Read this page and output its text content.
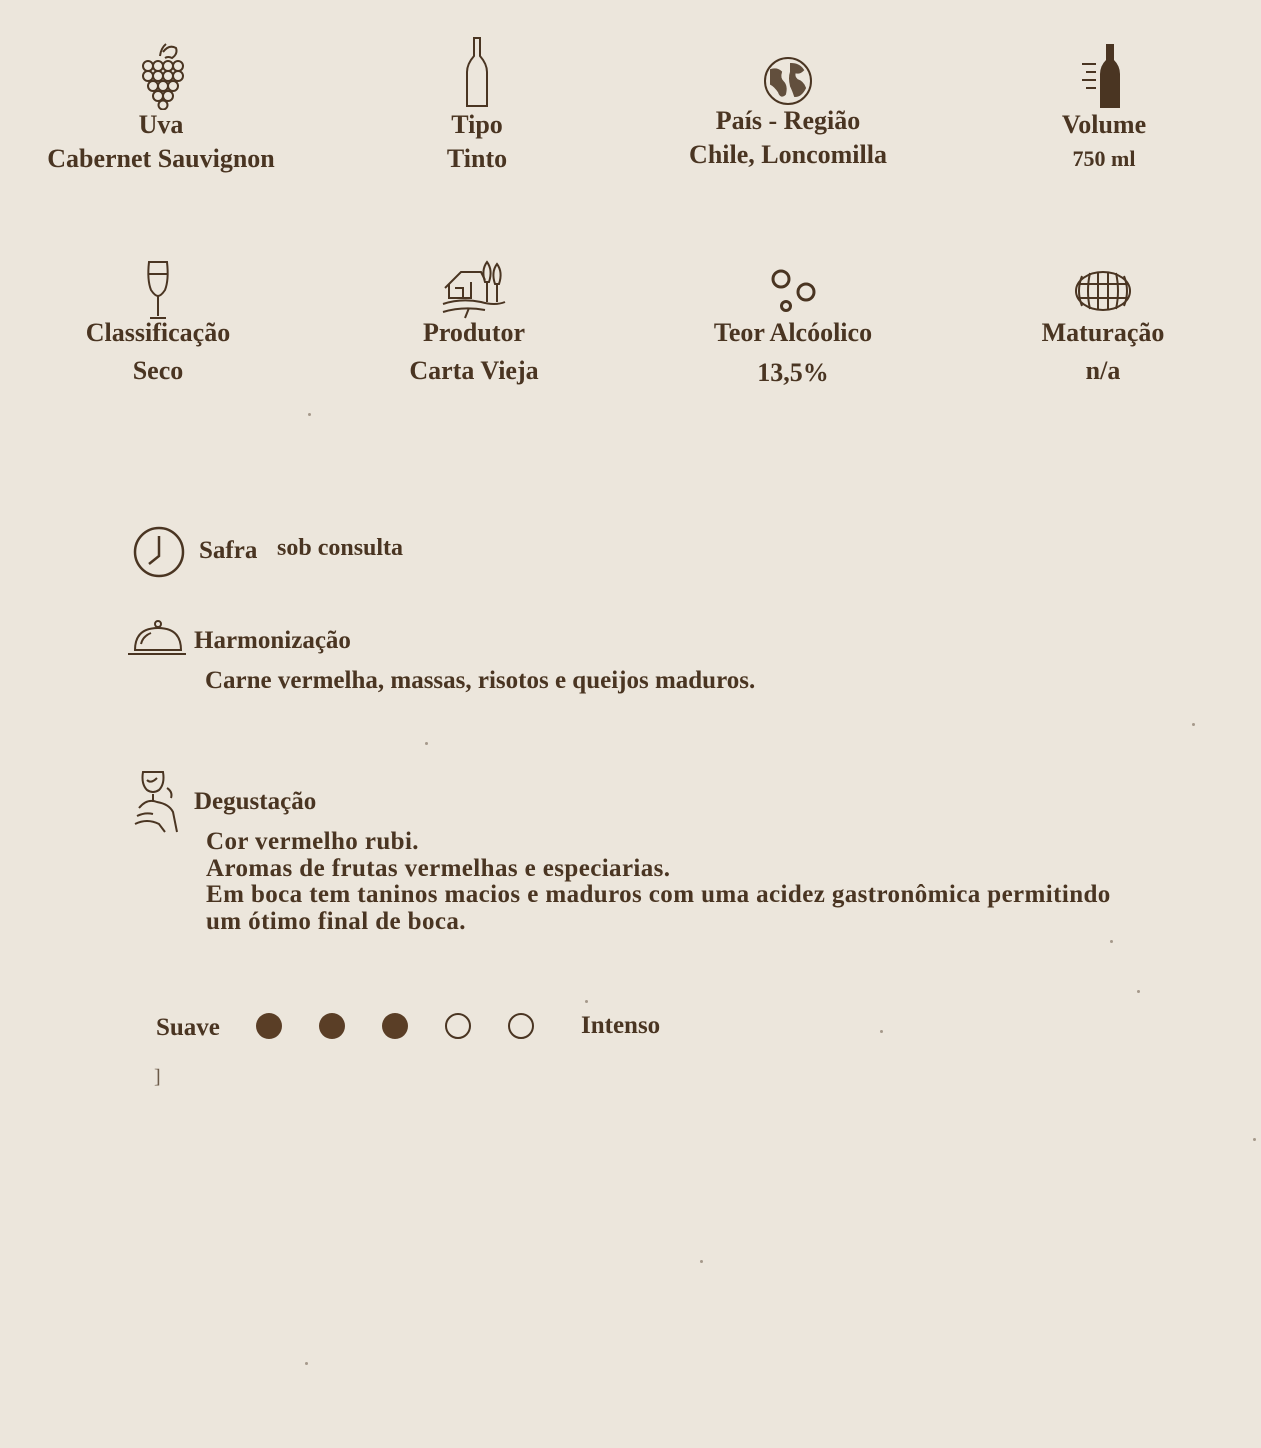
Uva
Cabernet Sauvignon
Tipo
Tinto
País - Região
Chile, Loncomilla
Volume
750 ml
Classificação
Seco
Produtor
Carta Vieja
Teor Alcóolico
13,5%
Maturação
n/a
Safra sob consulta
Harmonização
Carne vermelha, massas, risotos e queijos maduros.
Degustação
Cor vermelho rubi.
Aromas de frutas vermelhas e especiarias.
Em boca tem taninos macios e maduros com uma acidez gastronômica permitindo
um ótimo final de boca.
Suave	Intenso
]
